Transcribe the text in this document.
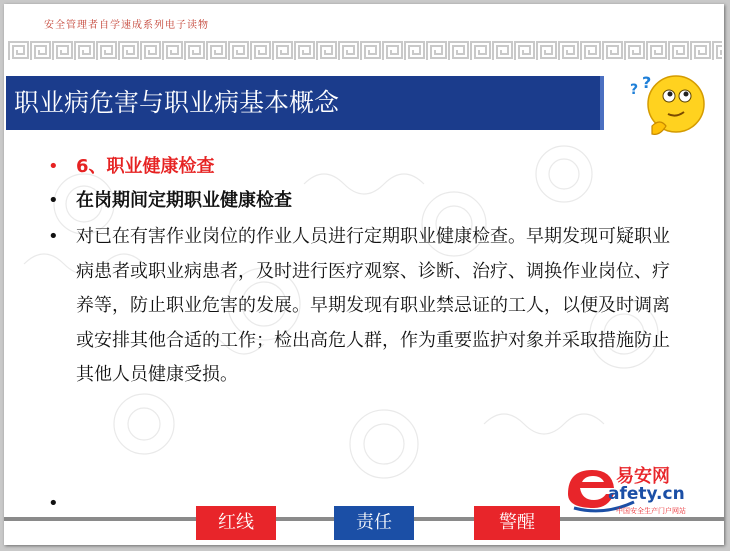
安全管理者自学速成系列电子读物
职业病危害与职业病基本概念
?
?
• 6、职业健康检查
• 在岗期间定期职业健康检查
• 对已在有害作业岗位的作业人员进行定期职业健康检查。早期发现可疑职业病患者或职业病患者，及时进行医疗观察、诊断、治疗、调换作业岗位、疗养等，防止职业危害的发展。早期发现有职业禁忌证的工人，以便及时调离或安排其他合适的工作；检出高危人群，作为重要监护对象并采取措施防止其他人员健康受损。
•
易安网
afety.cn
中国安全生产门户网站
红线	责任	警醒
